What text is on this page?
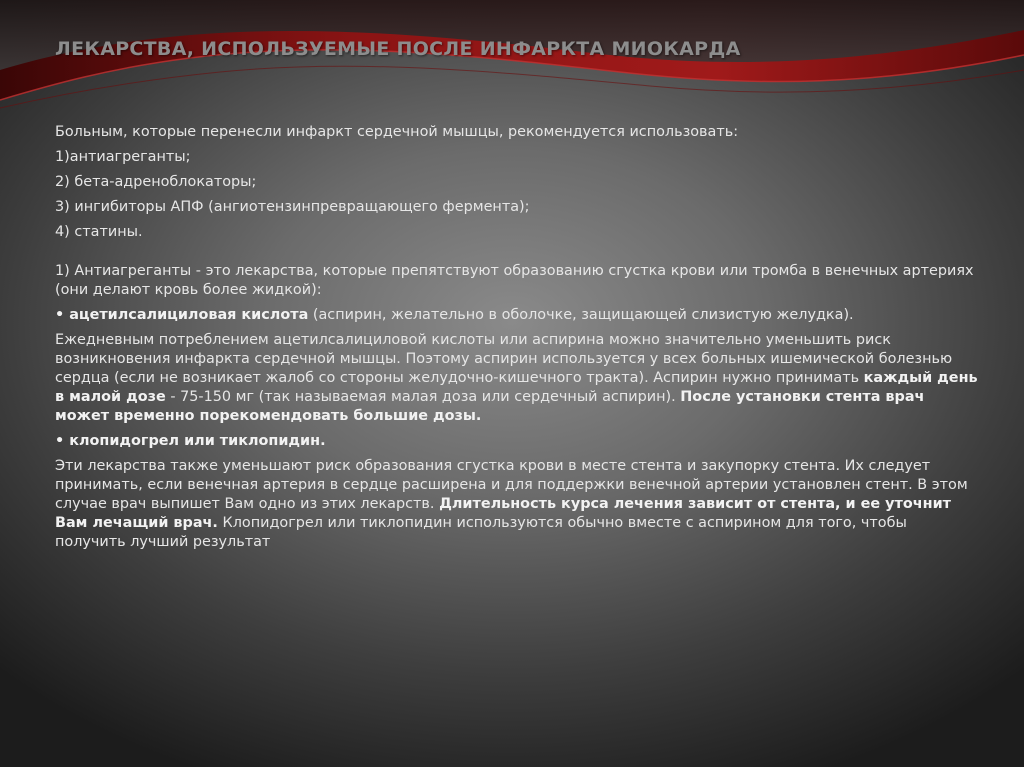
ЛЕКАРСТВА, ИСПОЛЬЗУЕМЫЕ ПОСЛЕ ИНФАРКТА МИОКАРДА

Больным, которые перенесли инфаркт сердечной мышцы, рекомендуется использовать:

1)антиагреганты;

2) бета-адреноблокаторы;

3) ингибиторы АПФ (ангиотензинпревращающего фермента);

4) статины.

1) Антиагреганты - это лекарства, которые препятствуют образованию сгустка крови или тромба в венечных артериях (они делают кровь более жидкой):

• ацетилсалициловая кислота (аспирин, желательно в оболочке, защищающей слизистую желудка).

Ежедневным потреблением ацетилсалициловой кислоты или аспирина можно значительно уменьшить риск возникновения инфаркта сердечной мышцы. Поэтому аспирин используется у всех больных ишемической болезнью сердца (если не возникает жалоб со стороны желудочно-кишечного тракта). Аспирин нужно принимать каждый день в малой дозе - 75-150 мг (так называемая малая доза или сердечный аспирин). После установки стента врач может временно порекомендовать большие дозы.

• клопидогрел или тиклопидин.

Эти лекарства также уменьшают риск образования сгустка крови в месте стента и закупорку стента. Их следует принимать, если венечная артерия в сердце расширена и для поддержки венечной артерии установлен стент. В этом случае врач выпишет Вам одно из этих лекарств. Длительность курса лечения зависит от стента, и ее уточнит Вам лечащий врач. Клопидогрел или тиклопидин используются обычно вместе с аспирином для того, чтобы получить лучший результат
